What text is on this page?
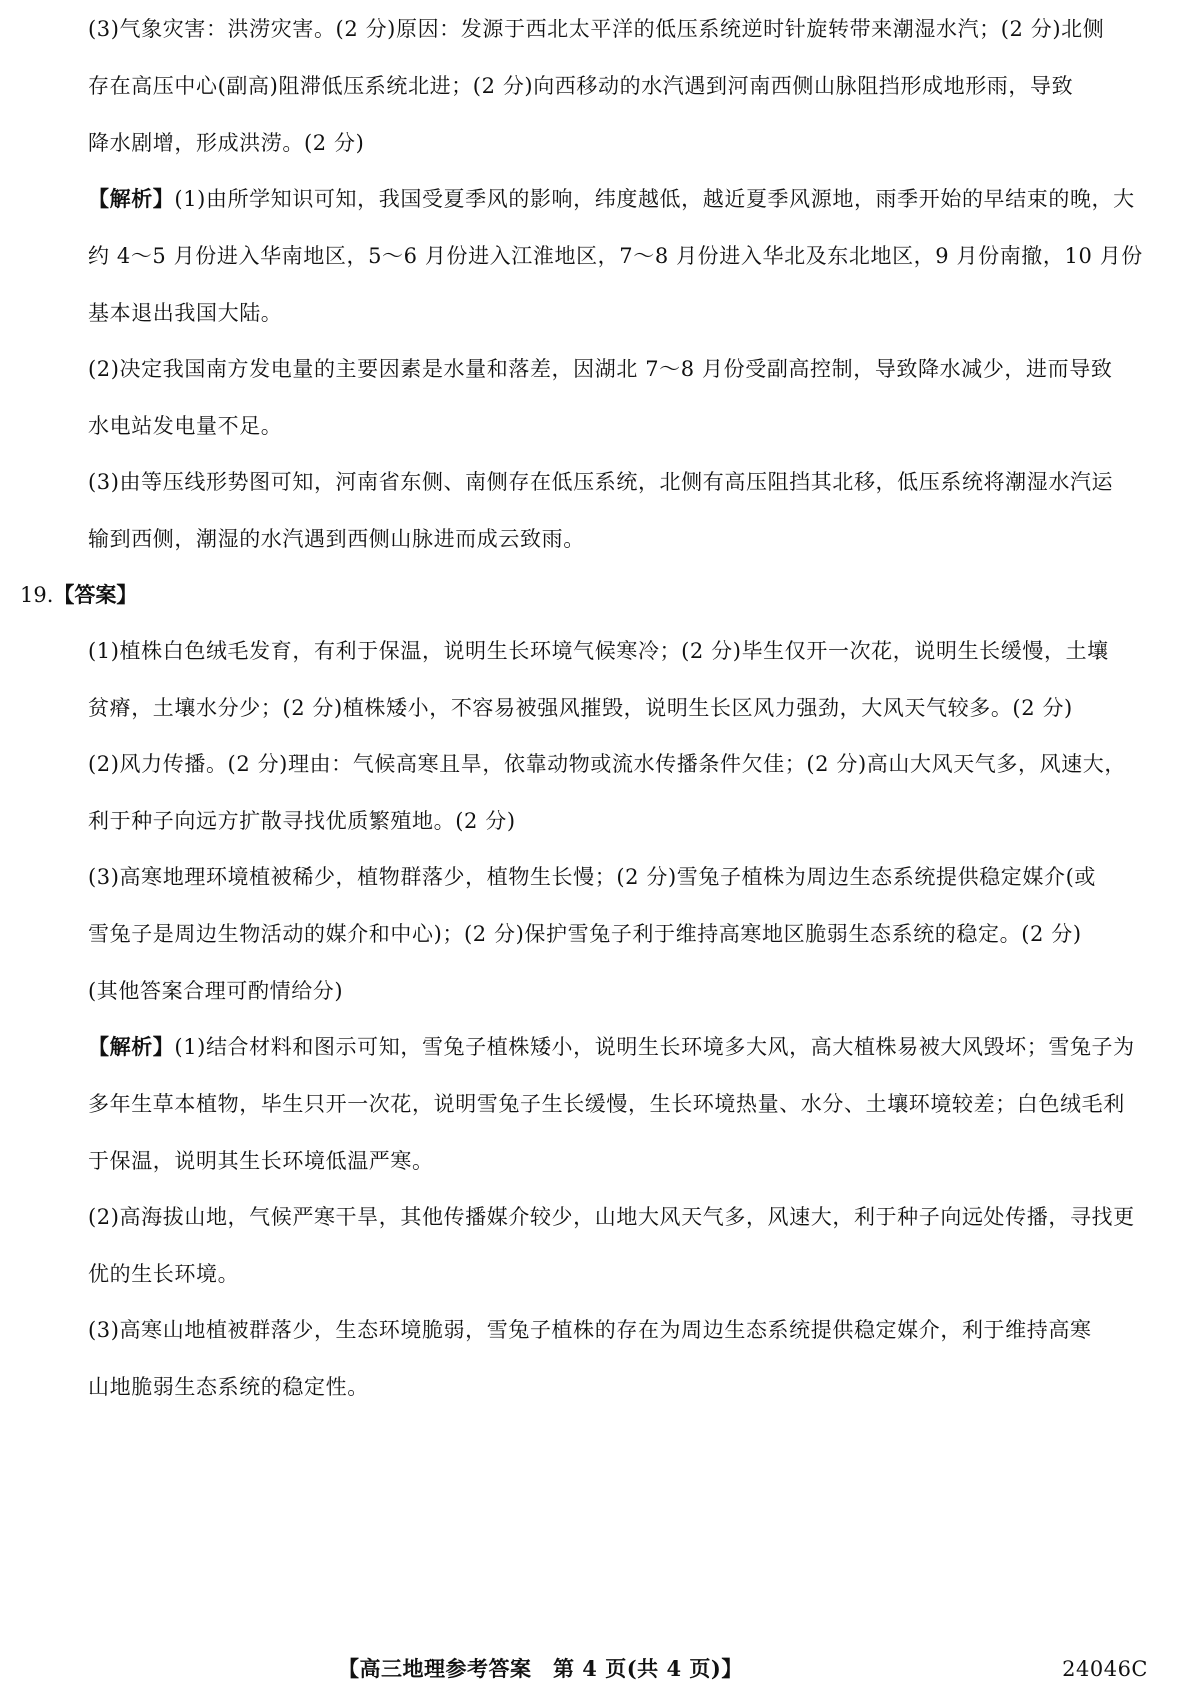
(3)气象灾害：洪涝灾害。(2 分)原因：发源于西北太平洋的低压系统逆时针旋转带来潮湿水汽；(2 分)北侧
存在高压中心(副高)阻滞低压系统北进；(2 分)向西移动的水汽遇到河南西侧山脉阻挡形成地形雨，导致
降水剧增，形成洪涝。(2 分)
【解析】(1)由所学知识可知，我国受夏季风的影响，纬度越低，越近夏季风源地，雨季开始的早结束的晚，大
约 4～5 月份进入华南地区，5～6 月份进入江淮地区，7～8 月份进入华北及东北地区，9 月份南撤，10 月份
基本退出我国大陆。
(2)决定我国南方发电量的主要因素是水量和落差，因湖北 7～8 月份受副高控制，导致降水减少，进而导致
水电站发电量不足。
(3)由等压线形势图可知，河南省东侧、南侧存在低压系统，北侧有高压阻挡其北移，低压系统将潮湿水汽运
输到西侧，潮湿的水汽遇到西侧山脉进而成云致雨。
19.【答案】
(1)植株白色绒毛发育，有利于保温，说明生长环境气候寒冷；(2 分)毕生仅开一次花，说明生长缓慢，土壤
贫瘠，土壤水分少；(2 分)植株矮小，不容易被强风摧毁，说明生长区风力强劲，大风天气较多。(2 分)
(2)风力传播。(2 分)理由：气候高寒且旱，依靠动物或流水传播条件欠佳；(2 分)高山大风天气多，风速大，
利于种子向远方扩散寻找优质繁殖地。(2 分)
(3)高寒地理环境植被稀少，植物群落少，植物生长慢；(2 分)雪兔子植株为周边生态系统提供稳定媒介(或
雪兔子是周边生物活动的媒介和中心)；(2 分)保护雪兔子利于维持高寒地区脆弱生态系统的稳定。(2 分)
(其他答案合理可酌情给分)
【解析】(1)结合材料和图示可知，雪兔子植株矮小，说明生长环境多大风，高大植株易被大风毁坏；雪兔子为
多年生草本植物，毕生只开一次花，说明雪兔子生长缓慢，生长环境热量、水分、土壤环境较差；白色绒毛利
于保温，说明其生长环境低温严寒。
(2)高海拔山地，气候严寒干旱，其他传播媒介较少，山地大风天气多，风速大，利于种子向远处传播，寻找更
优的生长环境。
(3)高寒山地植被群落少，生态环境脆弱，雪兔子植株的存在为周边生态系统提供稳定媒介，利于维持高寒
山地脆弱生态系统的稳定性。
【高三地理参考答案　第 4 页(共 4 页)】	24046C
